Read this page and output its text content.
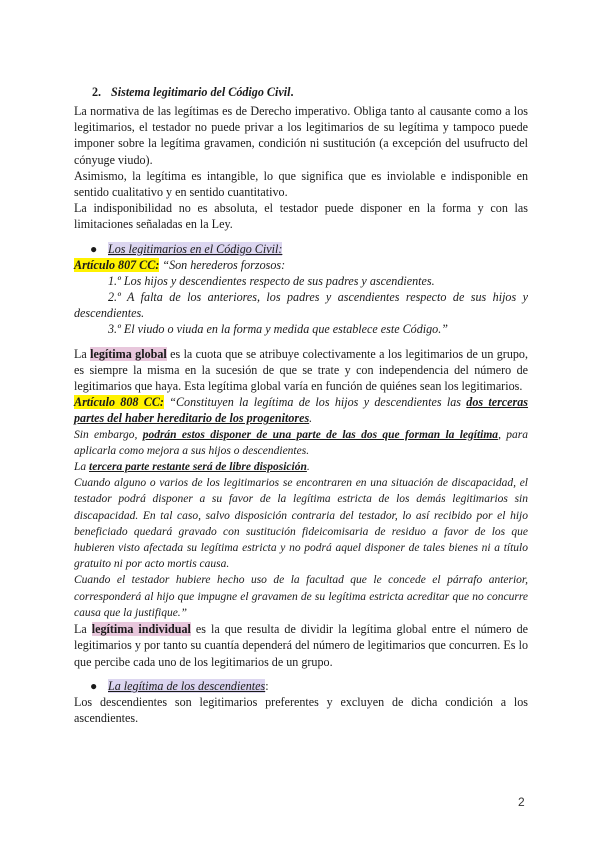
2. Sistema legitimario del Código Civil.

La normativa de las legítimas es de Derecho imperativo. Obliga tanto al causante como a los legitimarios, el testador no puede privar a los legitimarios de su legítima y tampoco puede imponer sobre la legítima gravamen, condición ni sustitución (a excepción del usufructo del cónyuge viudo).

Asimismo, la legítima es intangible, lo que significa que es inviolable e indisponible en sentido cualitativo y en sentido cuantitativo.

La indisponibilidad no es absoluta, el testador puede disponer en la forma y con las limitaciones señaladas en la Ley.

● Los legitimarios en el Código Civil:

Artículo 807 CC: “Son herederos forzosos:

1.º Los hijos y descendientes respecto de sus padres y ascendientes.

2.º A falta de los anteriores, los padres y ascendientes respecto de sus hijos y descendientes.

3.º El viudo o viuda en la forma y medida que establece este Código.”

La legítima global es la cuota que se atribuye colectivamente a los legitimarios de un grupo, es siempre la misma en la sucesión de que se trate y con independencia del número de legitimarios que haya. Esta legítima global varía en función de quiénes sean los legitimarios.

Artículo 808 CC: “Constituyen la legítima de los hijos y descendientes las dos terceras partes del haber hereditario de los progenitores.

Sin embargo, podrán estos disponer de una parte de las dos que forman la legítima, para aplicarla como mejora a sus hijos o descendientes.

La tercera parte restante será de libre disposición.

Cuando alguno o varios de los legitimarios se encontraren en una situación de discapacidad, el testador podrá disponer a su favor de la legítima estricta de los demás legitimarios sin discapacidad. En tal caso, salvo disposición contraria del testador, lo así recibido por el hijo beneficiado quedará gravado con sustitución fideicomisaria de residuo a favor de los que hubieren visto afectada su legítima estricta y no podrá aquel disponer de tales bienes ni a título gratuito ni por acto mortis causa.

Cuando el testador hubiere hecho uso de la facultad que le concede el párrafo anterior, corresponderá al hijo que impugne el gravamen de su legítima estricta acreditar que no concurre causa que la justifique.”

La legítima individual es la que resulta de dividir la legítima global entre el número de legitimarios y por tanto su cuantía dependerá del número de legitimarios que concurren. Es lo que percibe cada uno de los legitimarios de un grupo.

● La legítima de los descendientes:

Los descendientes son legitimarios preferentes y excluyen de dicha condición a los ascendientes.

2
